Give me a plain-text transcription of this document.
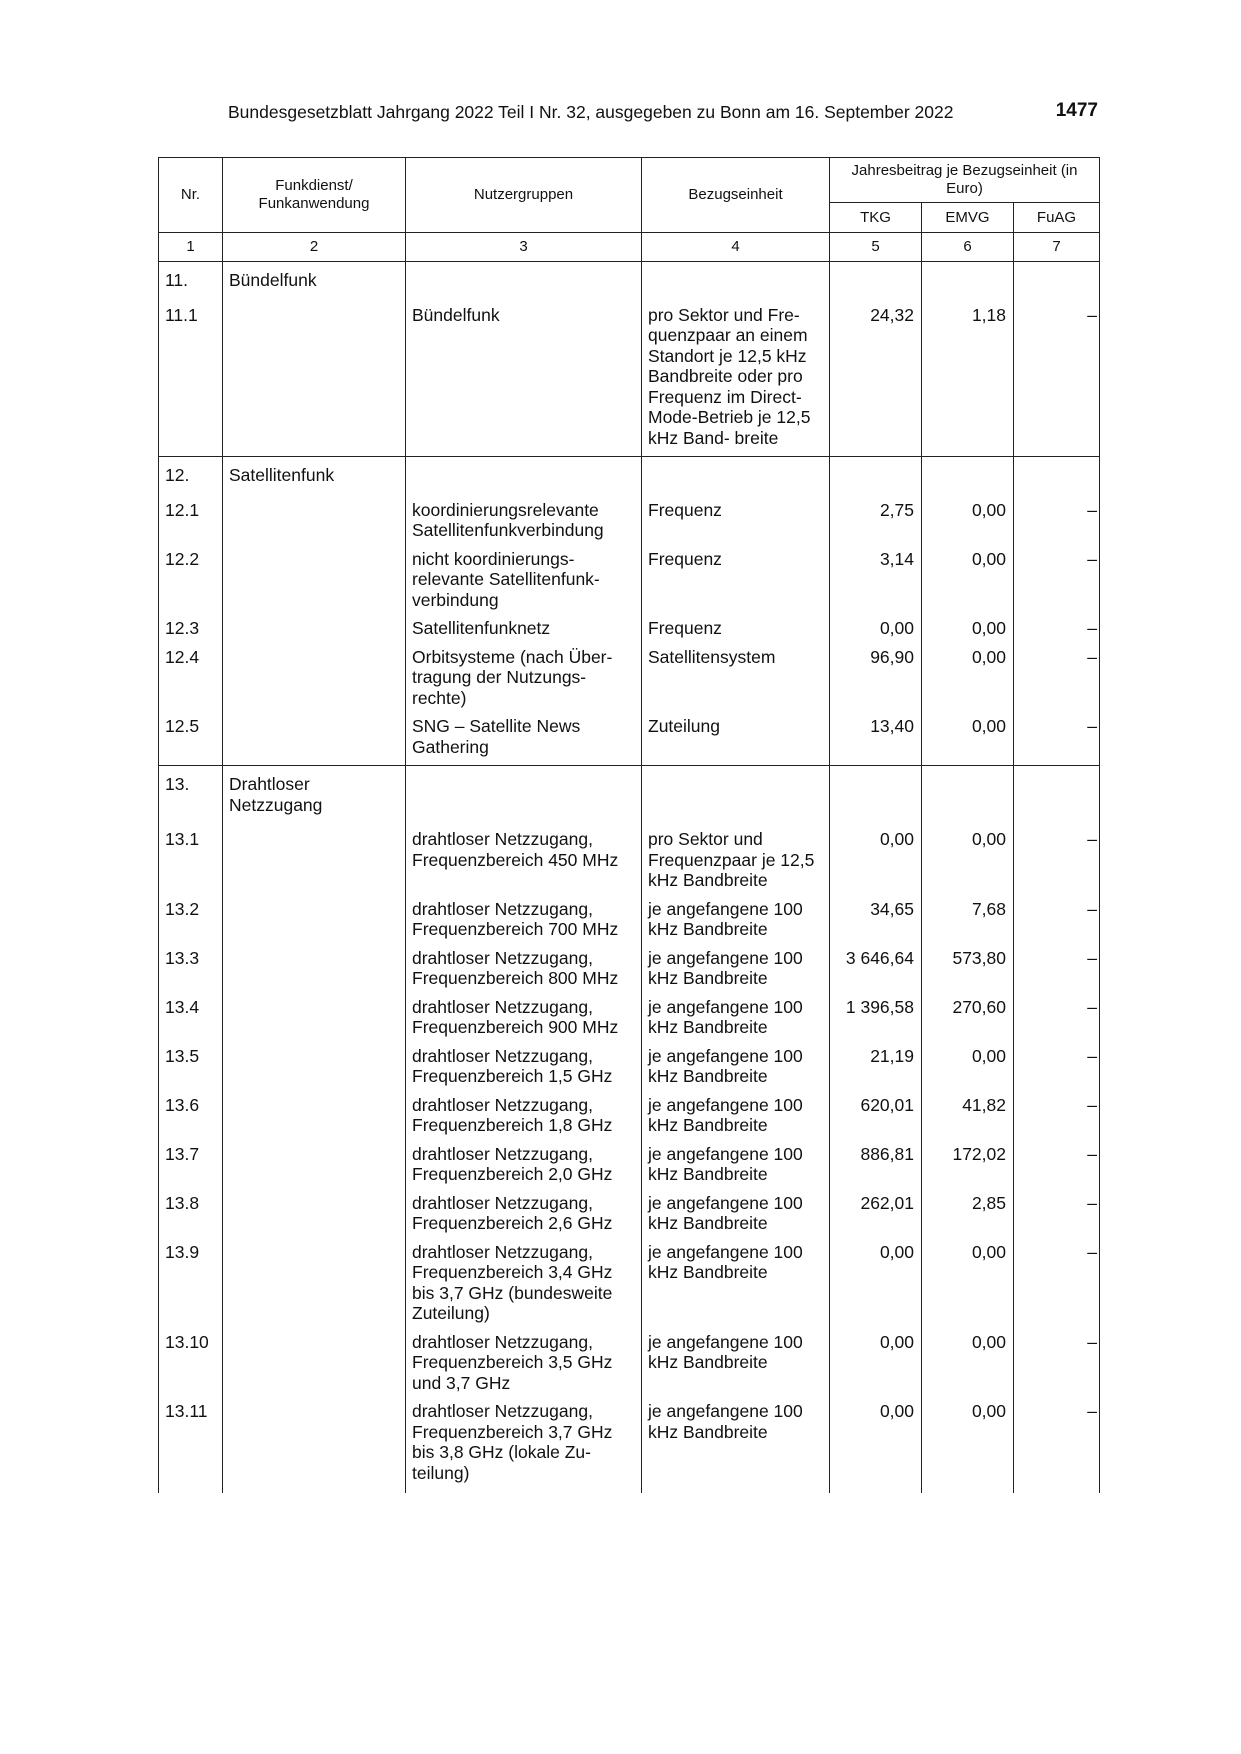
Bundesgesetzblatt Jahrgang 2022 Teil I Nr. 32, ausgegeben zu Bonn am 16. September 2022	1477
Nr.	Funkdienst/ Funkanwendung	Nutzergruppen	Bezugseinheit	Jahresbeitrag je Bezugseinheit (in Euro)		
				TKG	EMVG	FuAG
1	2	3	4	5	6	7
11.	Bündelfunk					
11.1		Bündelfunk	pro Sektor und Fre- quenzpaar an einem Standort je 12,5 kHz Bandbreite oder pro Frequenz im Direct-Mode-Betrieb je 12,5 kHz Band- breite	24,32	1,18	–
12.	Satellitenfunk					
12.1		koordinierungsrelevante Satellitenfunkverbindung	Frequenz	2,75	0,00	–
12.2		nicht koordinierungs- relevante Satellitenfunk- verbindung	Frequenz	3,14	0,00	–
12.3		Satellitenfunknetz	Frequenz	0,00	0,00	–
12.4		Orbitsysteme (nach Über- tragung der Nutzungs- rechte)	Satellitensystem	96,90	0,00	–
12.5		SNG – Satellite News Gathering	Zuteilung	13,40	0,00	–
13.	Drahtloser Netzzugang					
13.1		drahtloser Netzzugang, Frequenzbereich 450 MHz	pro Sektor und Frequenzpaar je 12,5 kHz Bandbreite	0,00	0,00	–
13.2		drahtloser Netzzugang, Frequenzbereich 700 MHz	je angefangene 100 kHz Bandbreite	34,65	7,68	–
13.3		drahtloser Netzzugang, Frequenzbereich 800 MHz	je angefangene 100 kHz Bandbreite	3 646,64	573,80	–
13.4		drahtloser Netzzugang, Frequenzbereich 900 MHz	je angefangene 100 kHz Bandbreite	1 396,58	270,60	–
13.5		drahtloser Netzzugang, Frequenzbereich 1,5 GHz	je angefangene 100 kHz Bandbreite	21,19	0,00	–
13.6		drahtloser Netzzugang, Frequenzbereich 1,8 GHz	je angefangene 100 kHz Bandbreite	620,01	41,82	–
13.7		drahtloser Netzzugang, Frequenzbereich 2,0 GHz	je angefangene 100 kHz Bandbreite	886,81	172,02	–
13.8		drahtloser Netzzugang, Frequenzbereich 2,6 GHz	je angefangene 100 kHz Bandbreite	262,01	2,85	–
13.9		drahtloser Netzzugang, Frequenzbereich 3,4 GHz bis 3,7 GHz (bundesweite Zuteilung)	je angefangene 100 kHz Bandbreite	0,00	0,00	–
13.10		drahtloser Netzzugang, Frequenzbereich 3,5 GHz und 3,7 GHz	je angefangene 100 kHz Bandbreite	0,00	0,00	–
13.11		drahtloser Netzzugang, Frequenzbereich 3,7 GHz bis 3,8 GHz (lokale Zu- teilung)	je angefangene 100 kHz Bandbreite	0,00	0,00	–
